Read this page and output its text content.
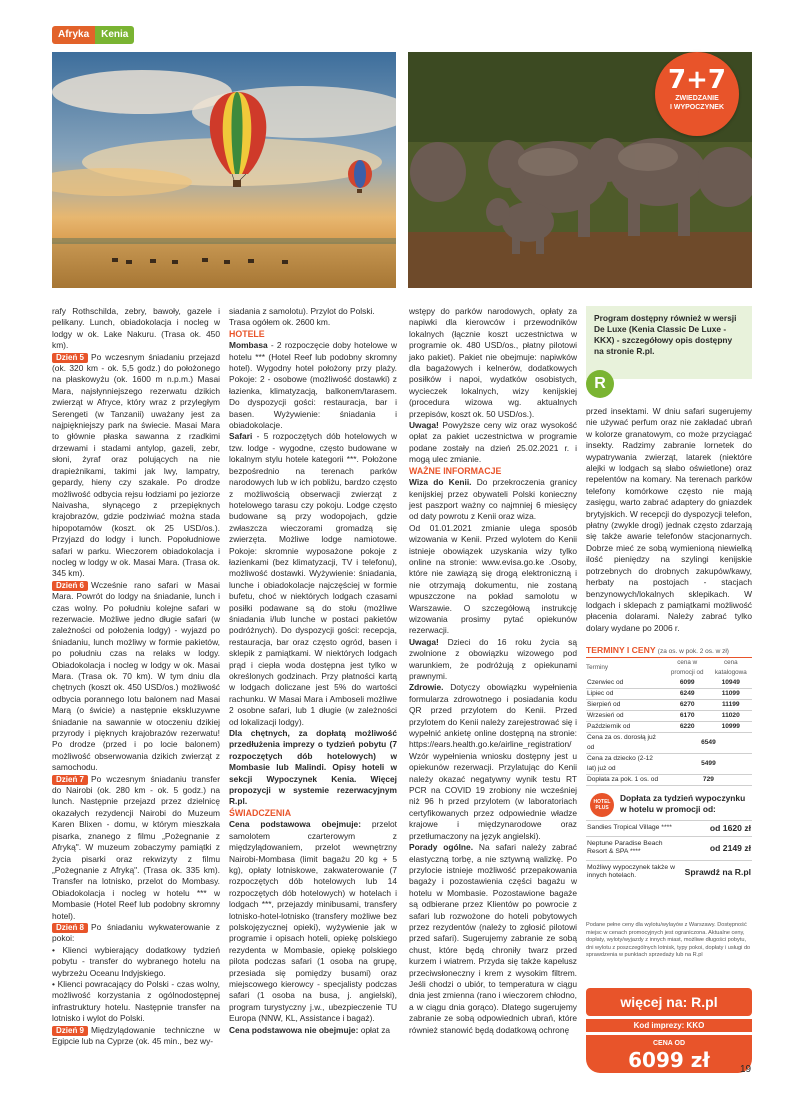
Afryka	Kenia
7+7
ZWIEDZANIE
I WYPOCZYNEK

rafy Rothschilda, zebry, bawoły, gazele i pelikany. Lunch, obiadokolacja i nocleg w lodgy w ok. Lake Nakuru. (Trasa ok. 450 km).

Dzień 5 Po wczesnym śniadaniu przejazd (ok. 320 km - ok. 5,5 godz.) do położonego na płaskowyżu (ok. 1600 m n.p.m.) Masai Mara, najsłynniejszego rezerwatu dzikich zwierząt w Afryce, który wraz z przyległym Serengeti (w Tanzanii) uważany jest za najpiękniejszy park na świecie. Masai Mara to głównie płaska sawanna z rzadkimi drzewami i stadami antylop, gazeli, zebr, słoni, żyraf oraz polujących na nie drapieżnikami, takimi jak lwy, lampatry, gepardy, hieny czy szakale. Po drodze możliwość odbycia rejsu łodziami po jeziorze Naivasha, słynącego z przepięknych krajobrazów, gdzie podziwiać można stada hipopotamów (koszt. ok 25 USD/os.). Przyjazd do lodgy i lunch. Popołudniowe safari w parku. Wieczorem obiadokolacja i nocleg w lodgy w ok. Masai Mara. (Trasa ok. 345 km).

Dzień 6 Wcześnie rano safari w Masai Mara. Powrót do lodgy na śniadanie, lunch i czas wolny. Po południu kolejne safari w rezerwacie. Możliwe jedno długie safari (w zależności od położenia lodgy) - wyjazd po śniadaniu, lunch możliwy w formie pakietów, po południu czas na relaks w lodgy. Obiadokolacja i nocleg w lodgy w ok. Masai Mara. (Trasa ok. 70 km). W tym dniu dla chętnych (koszt ok. 450 USD/os.) możliwość odbycia porannego lotu balonem nad Masai Marą (o świcie) a następnie ekskluzywne śniadanie na sawannie w otoczeniu dzikiej przyrody i pięknych krajobrazów rezerwatu! Po drodze (przed i po locie balonem) możliwość obserwowania dzikich zwierząt z samochodu.

Dzień 7 Po wczesnym śniadaniu transfer do Nairobi (ok. 280 km - ok. 5 godz.) na lunch. Następnie przejazd przez dzielnicę okazałych rezydencji Nairobi do Muzeum Karen Blixen - domu, w którym mieszkała pisarka, znanego z filmu „Pożegnanie z Afryką". W muzeum zobaczymy pamiątki z życia pisarki oraz rekwizyty z filmu „Pożegnanie z Afryką". (Trasa ok. 335 km). Transfer na lotnisko, przelot do Mombasy. Obiadokolacja i nocleg w hotelu *** w Mombasie (Hotel Reef lub podobny skromny hotel).

Dzień 8 Po śniadaniu wykwaterowanie z pokoi:

• Klienci wybierający dodatkowy tydzień pobytu - transfer do wybranego hotelu na wybrzeżu Oceanu Indyjskiego.

• Klienci powracający do Polski - czas wolny, możliwość korzystania z ogólnodostępnej infrastruktury hotelu. Następnie transfer na lotnisko i wylot do Polski.

Dzień 9 Międzylądowanie techniczne w Egipcie lub na Cyprze (ok. 45 min., bez wy-

siadania z samolotu). Przylot do Polski.

Trasa ogółem ok. 2600 km.

HOTELE

Mombasa - 2 rozpoczęcie doby hotelowe w hotelu *** (Hotel Reef lub podobny skromny hotel). Wygodny hotel położony przy plaży. Pokoje: 2 - osobowe (możliwość dostawki) z łazienka, klimatyzacją, balkonem/tarasem. Do dyspozycji gości: restauracja, bar i basen. Wyżywienie: śniadania i obiadokolacje.

Safari - 5 rozpoczętych dób hotelowych w tzw. lodge - wygodne, często budowane w lokalnym stylu hotele kategorii ***. Położone bezpośrednio na terenach parków narodowych lub w ich pobliżu, bardzo często z możliwością obserwacji zwierząt z hotelowego tarasu czy pokoju. Lodge często budowane są przy wodopojach, gdzie zwłaszcza wieczorami gromadzą się zwierzęta. Możliwe lodge namiotowe. Pokoje: skromnie wyposażone pokoje z łazienkami (bez klimatyzacji, TV i telefonu), możliwość dostawki. Wyżywienie: śniadania, lunche i obiadokolacje najczęściej w formie bufetu, choć w niektórych lodgach czasami posiłki podawane są do stołu (możliwe śniadania i/lub lunche w postaci pakietów podróżnych). Do dyspozycji gości: recepcja, restauracja, bar oraz często ogród, basen i sklepik z pamiątkami. W niektórych lodgach prąd i ciepła woda dostępna jest tylko w określonych godzinach. Przy płatności kartą w lodgach doliczane jest 5% do wartości rachunku. W Masai Mara i Amboseli możliwe 2 osobne safari, lub 1 długie (w zależności od lokalizacji lodgy).

Dla chętnych, za dopłatą możliwość przedłużenia imprezy o tydzień pobytu (7 rozpoczętych dób hotelowych) w Mombasie lub Malindi. Opisy hoteli w sekcji Wypoczynek Kenia. Więcej propozycji w systemie rezerwacyjnym R.pl.

ŚWIADCZENIA

Cena podstawowa obejmuje: przelot samolotem czarterowym z międzylądowaniem, przelot wewnętrzny Nairobi-Mombasa (limit bagażu 20 kg + 5 kg), opłaty lotniskowe, zakwaterowanie (7 rozpoczętych dób hotelowych lub 14 rozpoczętych dób hotelowych) w hotelach i lodgach ***, przejazdy minibusami, transfery lotnisko-hotel-lotnisko (transfery możliwe bez polskojęzycznej opieki), wyżywienie jak w programie i opisach hoteli, opiekę polskiego rezydenta w Mombasie, opiekę polskiego pilota podczas safari (1 osoba na grupę, przesiada się pomiędzy busami) oraz miejscowego kierowcy - specjalisty podczas safari (1 osoba na busa, j. angielski), program turystyczny j.w., ubezpieczenie TU Europa (NNW, KL, Assistance i bagaż).

Cena podstawowa nie obejmuje: opłat za

wstępy do parków narodowych, opłaty za napiwki dla kierowców i przewodników lokalnych (łącznie koszt uczestnictwa w programie ok. 480 USD/os., płatny pilotowi jako pakiet). Pakiet nie obejmuje: napiwków dla bagażowych i kelnerów, dodatkowych posiłków i napoi, wydatków osobistych, wycieczek lokalnych, wizy kenijskiej (procedura wizowa wg. aktualnych przepisów, koszt ok. 50 USD/os.).

Uwaga! Powyższe ceny wiz oraz wysokość opłat za pakiet uczestnictwa w programie podane zostały na dzień 25.02.2021 r. i mogą ulec zmianie.

WAŻNE INFORMACJE

Wiza do Kenii. Do przekroczenia granicy kenijskiej przez obywateli Polski konieczny jest paszport ważny co najmniej 6 miesięcy od daty powrotu z Kenii oraz wiza.

Od 01.01.2021 zmianie ulega sposób wizowania w Kenii. Przed wylotem do Kenii istnieje obowiązek uzyskania wizy tylko online na stronie: www.evisa.go.ke .Osoby, które nie zawiązą się drogą elektroniczną i nie otrzymają dokumentu, nie zostaną wpuszczone na pokład samolotu w Warszawie. O szczegółową instrukcję wizowania prosimy pytać opiekunów rezerwacji.

Uwaga! Dzieci do 16 roku życia są zwolnione z obowiązku wizowego pod warunkiem, że podróżują z opiekunami prawnymi.

Zdrowie. Dotyczy obowiązku wypełnienia formularza zdrowotnego i posiadania kodu QR przed przylotem do Kenii. Przed przylotem do Kenii należy zarejestrować się i wypełnić ankietę online dostępną na stronie: https://ears.health.go.ke/airline_registration/ Wzór wypełnienia wniosku dostępny jest u opiekunów rezerwacji. Przylatując do Kenii należy okazać negatywny wynik testu RT PCR na COVID 19 zrobiony nie wcześniej niż 96 h przed przylotem (w laboratoriach certyfikowanych przez odpowiednie władze krajowe i międzynarodowe oraz przetłumaczony na język angielski).

Porady ogólne. Na safari należy zabrać elastyczną torbę, a nie sztywną walizkę. Po przylocie istnieje możliwość przepakowania bagaży i pozostawienia części bagażu w hotelu w Mombasie. Pozostawione bagaże są odbierane przez Klientów po powrocie z safari lub rozwożone do hoteli pobytowych przez rezydentów (należy to zgłosić pilotowi przed safari). Sugerujemy zabranie ze sobą chust, które będą chroniły twarz przed kurzem i wiatrem. Przyda się także kapelusz przeciwsłoneczny i krem z wysokim filtrem. Jeśli chodzi o ubiór, to temperatura w ciągu dnia jest zmienna (rano i wieczorem chłodno, a w ciągu dnia gorąco). Dlatego sugerujemy zabranie ze sobą odpowiednich ubrań, które również stanowić będą dodatkową ochronę

Program dostępny również w wersji De Luxe (Kenia Classic De Luxe - KKX) - szczegółowy opis dostępny na stronie R.pl.
R

przed insektami. W dniu safari sugerujemy nie używać perfum oraz nie zakładać ubrań w kolorze granatowym, co może przyciągać insekty. Radzimy zabranie lornetek do wypatrywania zwierząt, latarek (niektóre alejki w lodgach są słabo oświetlone) oraz repelentów na komary. Na terenach parków telefony komórkowe często nie mają zasięgu, warto zabrać adaptery do gniazdek brytyjskich. W recepcji do dyspozycji telefon, płatny (zwykle drogi) jednak często zdarzają się także awarie telefonów stacjonarnych. Dobrze mieć ze sobą wymienioną niewielką ilość pieniędzy na szylingi kenijskie potrzebnych do drobnych zakupów/kawy, herbaty na postojach - stacjach benzynowych/lokalnych sklepikach. W lodgach i sklepach z pamiątkami możliwość płacenia dolarami. Należy zabrać tylko dolary wydane po 2006 r.

TERMINY I CENY (za os. w pok. 2 os. w zł)
Terminy	cena w promocji od	cena katalogowa
Czerwiec od	6099	10949
Lipiec od	6249	11099
Sierpień od	6270	11199
Wrzesień od	6170	11020
Październik od	6220	10999
Cena za os. dorosłą już od	6549	
Cena za dziecko (2-12 lat) już od	5499	
Dopłata za pok. 1 os. od	729	
HOTEL
PLUS
Dopłata za tydzień wypoczynku w hotelu w promocji od:
Sandies Tropical Village ****	od 1620 zł
Neptune Paradise Beach Resort & SPA ****	od 2149 zł
Możliwy wypoczynek także w innych hotelach.	Sprawdź na R.pl
Podane pełne ceny dla wylotu/wylayów z Warszawy. Dostępność miejsc w cenach promocyjnych jest ograniczona. Aktualne ceny, dopłaty, wyloty/wyjazdy z innych miast, możliwe długości pobytu, dni wylotu z poszczególnych lotnisk, typy pokoi, dopłaty i usługi do sprawdzenia w punktach sprzedaży lub na R.pl
więcej na: R.pl
Kod imprezy: KKO
CENA OD
6099 zł	19
